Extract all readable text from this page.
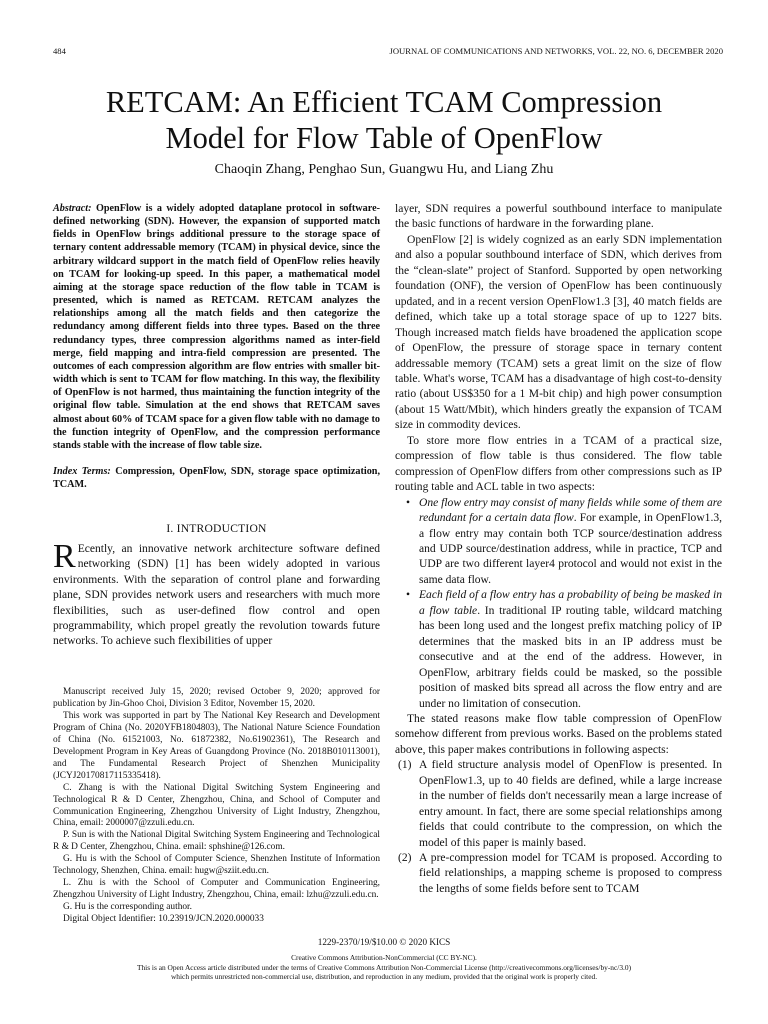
484	JOURNAL OF COMMUNICATIONS AND NETWORKS, VOL. 22, NO. 6, DECEMBER 2020
RETCAM: An Efficient TCAM Compression
Model for Flow Table of OpenFlow
Chaoqin Zhang, Penghao Sun, Guangwu Hu, and Liang Zhu

Abstract: OpenFlow is a widely adopted dataplane protocol in software-defined networking (SDN). However, the expansion of supported match fields in OpenFlow brings additional pressure to the storage space of ternary content addressable memory (TCAM) in physical device, since the arbitrary wildcard support in the match field of OpenFlow relies heavily on TCAM for looking-up speed. In this paper, a mathematical model aiming at the storage space reduction of the flow table in TCAM is presented, which is named as RETCAM. RETCAM analyzes the relationships among all the match fields and then categorize the redundancy among different fields into three types. Based on the three redundancy types, three compression algorithms named as inter-field merge, field mapping and intra-field compression are presented. The outcomes of each compression algorithm are flow entries with smaller bit-width which is sent to TCAM for flow matching. In this way, the flexibility of OpenFlow is not harmed, thus maintaining the function integrity of the original flow table. Simulation at the end shows that RETCAM saves almost about 60% of TCAM space for a given flow table with no damage to the function integrity of OpenFlow, and the compression performance stands stable with the increase of flow table size.

Index Terms: Compression, OpenFlow, SDN, storage space optimization, TCAM.

I. INTRODUCTION

REcently, an innovative network architecture software defined networking (SDN) [1] has been widely adopted in various environments. With the separation of control plane and forwarding plane, SDN provides network users and researchers with much more flexibilities, such as user-defined flow control and open programmability, which propel greatly the revolution towards future networks. To achieve such flexibilities of upper

Manuscript received July 15, 2020; revised October 9, 2020; approved for publication by Jin-Ghoo Choi, Division 3 Editor, November 15, 2020.

This work was supported in part by The National Key Research and Development Program of China (No. 2020YFB1804803), The National Nature Science Foundation of China (No. 61521003, No. 61872382, No.61902361), The Research and Development Program in Key Areas of Guangdong Province (No. 2018B010113001), and The Fundamental Research Project of Shenzhen Municipality (JCYJ20170817115335418).

C. Zhang is with the National Digital Switching System Engineering and Technological R & D Center, Zhengzhou, China, and School of Computer and Communication Engineering, Zhengzhou University of Light Industry, Zhengzhou, China, email: 2000007@zzuli.edu.cn.

P. Sun is with the National Digital Switching System Engineering and Technological R & D Center, Zhengzhou, China. email: sphshine@126.com.

G. Hu is with the School of Computer Science, Shenzhen Institute of Information Technology, Shenzhen, China. email: hugw@sziit.edu.cn.

L. Zhu is with the School of Computer and Communication Engineering, Zhengzhou University of Light Industry, Zhengzhou, China, email: lzhu@zzuli.edu.cn.

G. Hu is the corresponding author.

Digital Object Identifier: 10.23919/JCN.2020.000033

layer, SDN requires a powerful southbound interface to manipulate the basic functions of hardware in the forwarding plane.

OpenFlow [2] is widely cognized as an early SDN implementation and also a popular southbound interface of SDN, which derives from the “clean-slate” project of Stanford. Supported by open networking foundation (ONF), the version of OpenFlow has been continuously updated, and in a recent version OpenFlow1.3 [3], 40 match fields are defined, which take up a total storage space of up to 1227 bits. Though increased match fields have broadened the application scope of OpenFlow, the pressure of storage space in ternary content addressable memory (TCAM) sets a great limit on the size of flow table. What's worse, TCAM has a disadvantage of high cost-to-density ratio (about US$350 for a 1 M-bit chip) and high power consumption (about 15 Watt/Mbit), which hinders greatly the expansion of TCAM size in commodity devices.

To store more flow entries in a TCAM of a practical size, compression of flow table is thus considered. The flow table compression of OpenFlow differs from other compressions such as IP routing table and ACL table in two aspects:

• One flow entry may consist of many fields while some of them are redundant for a certain data flow. For example, in OpenFlow1.3, a flow entry may contain both TCP source/destination address and UDP source/destination address, while in practice, TCP and UDP are two different layer4 protocol and would not exist in the same data flow.

• Each field of a flow entry has a probability of being be masked in a flow table. In traditional IP routing table, wildcard matching has been long used and the longest prefix matching policy of IP determines that the masked bits in an IP address must be consecutive and at the end of the address. However, in OpenFlow, arbitrary fields could be masked, so the possible position of masked bits spread all across the flow entry and are under no limitation of consecution.

The stated reasons make flow table compression of OpenFlow somehow different from previous works. Based on the problems stated above, this paper makes contributions in following aspects:

(1) A field structure analysis model of OpenFlow is presented. In OpenFlow1.3, up to 40 fields are defined, while a large increase in the number of fields don't necessarily mean a large increase of entry amount. In fact, there are some special relationships among fields that could contribute to the compression, on which the model of this paper is mainly based.

(2) A pre-compression model for TCAM is proposed. According to field relationships, a mapping scheme is proposed to compress the lengths of some fields before sent to TCAM

1229-2370/19/$10.00 © 2020 KICS
Creative Commons Attribution-NonCommercial (CC BY-NC).
This is an Open Access article distributed under the terms of Creative Commons Attribution Non-Commercial License (http://creativecommons.org/licenses/by-nc/3.0)
which permits unrestricted non-commercial use, distribution, and reproduction in any medium, provided that the original work is properly cited.
